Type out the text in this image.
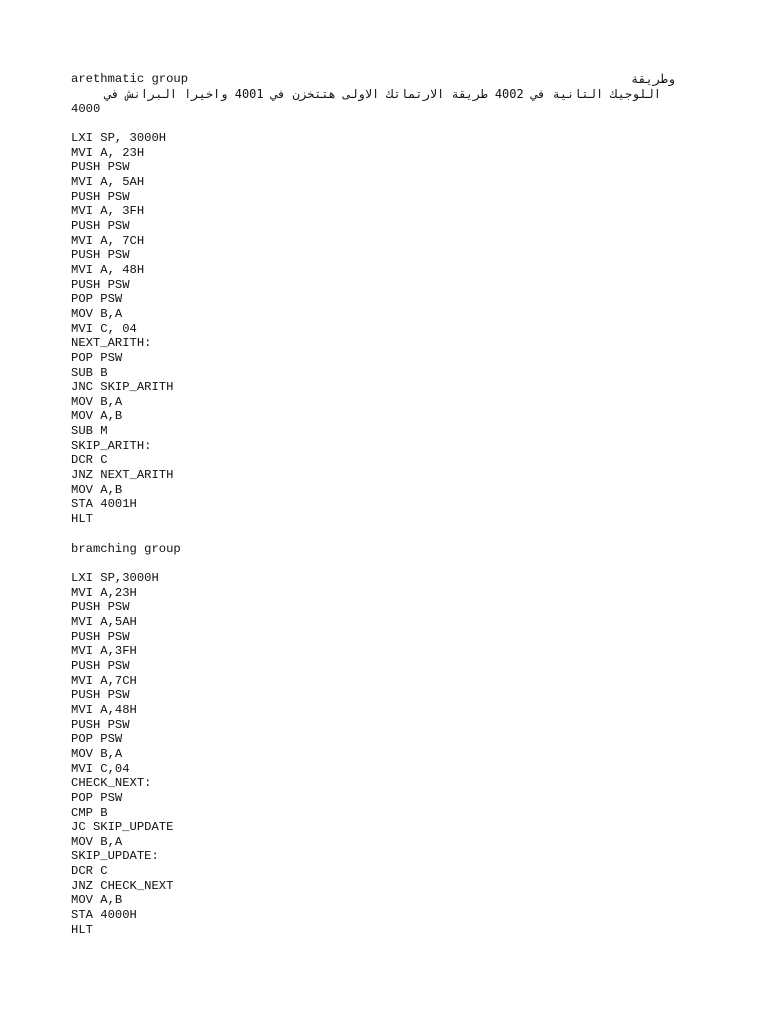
arethmatic group	وطريقة
اللوجيك التانية في 4002 طريقة الارتماتك الاولى هتتخزن في 4001 واخيرا البرانش في
4000
LXI SP, 3000H
MVI A, 23H
PUSH PSW
MVI A, 5AH
PUSH PSW
MVI A, 3FH
PUSH PSW
MVI A, 7CH
PUSH PSW
MVI A, 48H
PUSH PSW
POP PSW
MOV B,A
MVI C, 04
NEXT_ARITH:
POP PSW
SUB B
JNC SKIP_ARITH
MOV B,A
MOV A,B
SUB M
SKIP_ARITH:
DCR C
JNZ NEXT_ARITH
MOV A,B
STA 4001H
HLT
bramching group
LXI SP,3000H
MVI A,23H
PUSH PSW
MVI A,5AH
PUSH PSW
MVI A,3FH
PUSH PSW
MVI A,7CH
PUSH PSW
MVI A,48H
PUSH PSW
POP PSW
MOV B,A
MVI C,04
CHECK_NEXT:
POP PSW
CMP B
JC SKIP_UPDATE
MOV B,A
SKIP_UPDATE:
DCR C
JNZ CHECK_NEXT
MOV A,B
STA 4000H
HLT
